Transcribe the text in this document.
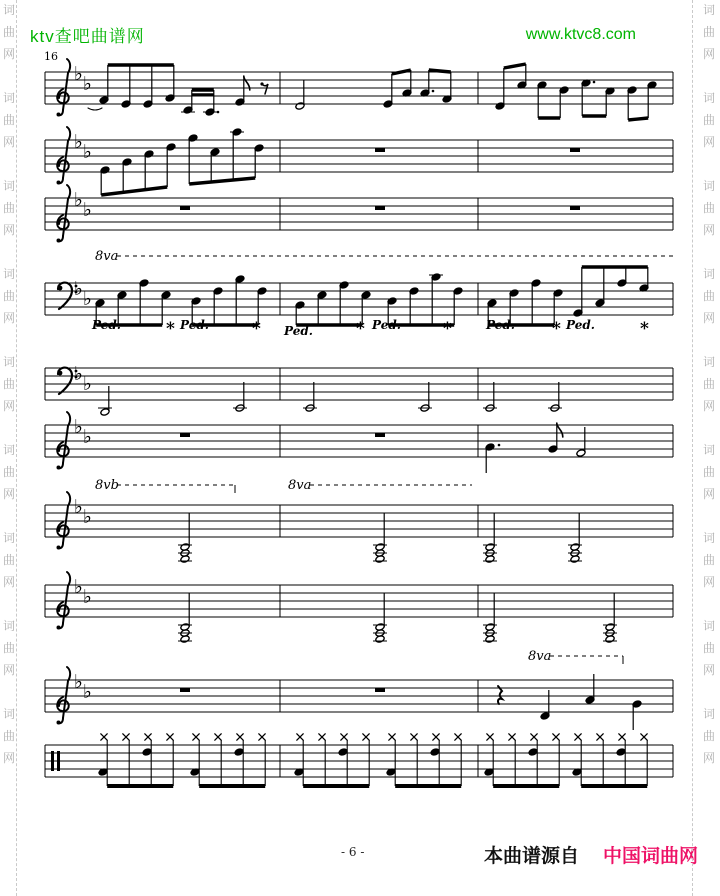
词
曲
网
词
曲
网
词
曲
网
词
曲
网
词
曲
网
词
曲
网
词
曲
网
词
曲
网
词
曲
网
词
曲
网
词
曲
网
词
曲
网
词
曲
网
词
曲
网
词
曲
网
词
曲
网
词
曲
网
词
曲
网
ktv查吧曲谱网	www.ktvc8.com
♭ ♭
16
♭ ♭
♭ ♭
♭ ♭
8va
Ped.	* Ped.	* Ped.	* Ped. *	Ped. * Ped.	*
♭ ♭
♭ ♭
♭ ♭
8vb	8va
♭ ♭
♭ ♭
8va
- 6 -	本曲谱源自 中国词曲网
